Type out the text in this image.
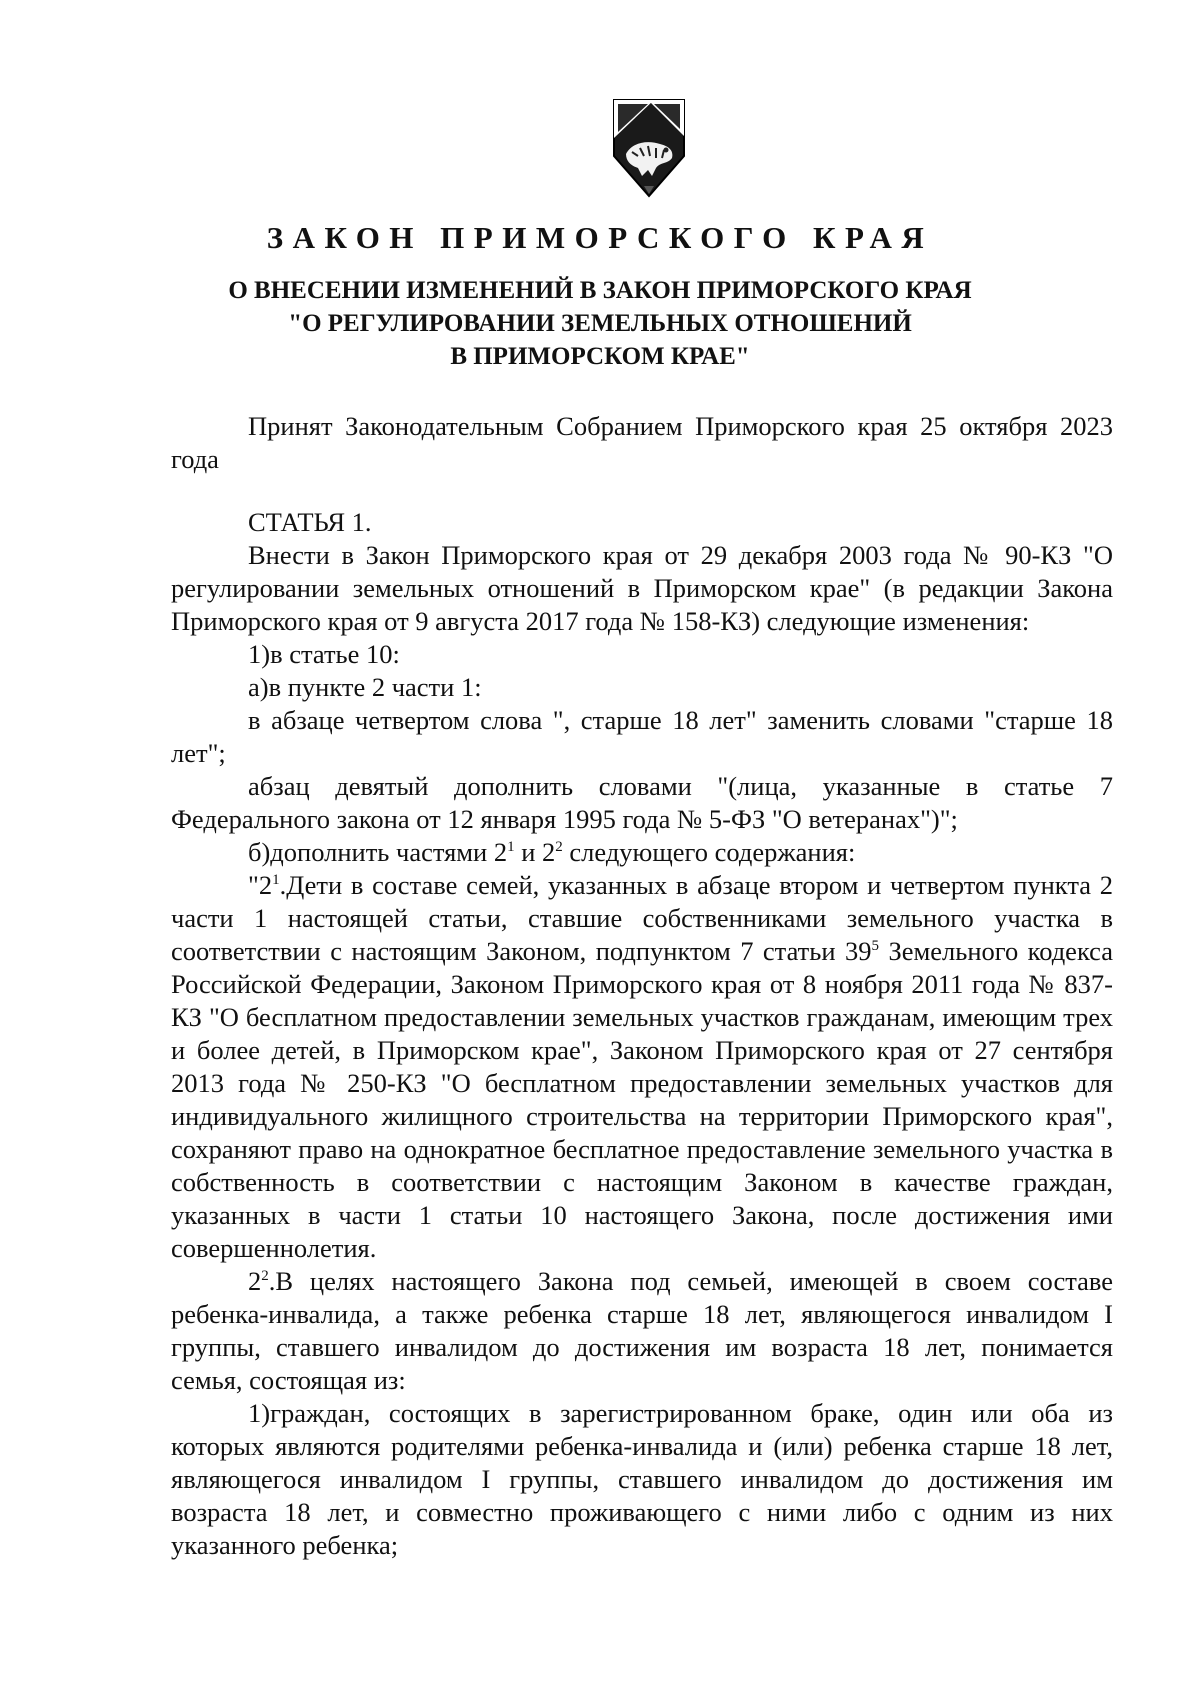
ЗАКОН ПРИМОРСКОГО КРАЯ
О ВНЕСЕНИИ ИЗМЕНЕНИЙ В ЗАКОН ПРИМОРСКОГО КРАЯ
"О РЕГУЛИРОВАНИИ ЗЕМЕЛЬНЫХ ОТНОШЕНИЙ
В ПРИМОРСКОМ КРАЕ"

Принят Законодательным Собранием Приморского края 25 октября 2023 года

СТАТЬЯ 1.

Внести в Закон Приморского края от 29 декабря 2003 года № 90-КЗ "О регулировании земельных отношений в Приморском крае" (в редакции Закона Приморского края от 9 августа 2017 года № 158-КЗ) следующие изменения:

1)в статье 10:

а)в пункте 2 части 1:

в абзаце четвертом слова ", старше 18 лет" заменить словами "старше 18 лет";

абзац девятый дополнить словами "(лица, указанные в статье 7 Федерального закона от 12 января 1995 года № 5-ФЗ "О ветеранах")";

б)дополнить частями $2^1$ и $2^2$ следующего содержания:

"$2^1.Дети$ в составе семей, указанных в абзаце втором и четвертом пункта 2 части 1 настоящей статьи, ставшие собственниками земельного участка в соответствии с настоящим Законом, подпунктом 7 статьи $39^5$ Земельного кодекса Российской Федерации, Законом Приморского края от 8 ноября 2011 года № 837-КЗ "О бесплатном предоставлении земельных участков гражданам, имеющим трех и более детей, в Приморском крае", Законом Приморского края от 27 сентября 2013 года № 250-КЗ "О бесплатном предоставлении земельных участков для индивидуального жилищного строительства на территории Приморского края", сохраняют право на однократное бесплатное предоставление земельного участка в собственность в соответствии с настоящим Законом в качестве граждан, указанных в части 1 статьи 10 настоящего Закона, после достижения ими совершеннолетия.

$2^2.В$ целях настоящего Закона под семьей, имеющей в своем составе ребенка-инвалида, а также ребенка старше 18 лет, являющегося инвалидом I группы, ставшего инвалидом до достижения им возраста 18 лет, понимается семья, состоящая из:

1)граждан, состоящих в зарегистрированном браке, один или оба из которых являются родителями ребенка-инвалида и (или) ребенка старше 18 лет, являющегося инвалидом I группы, ставшего инвалидом до достижения им возраста 18 лет, и совместно проживающего с ними либо с одним из них указанного ребенка;
